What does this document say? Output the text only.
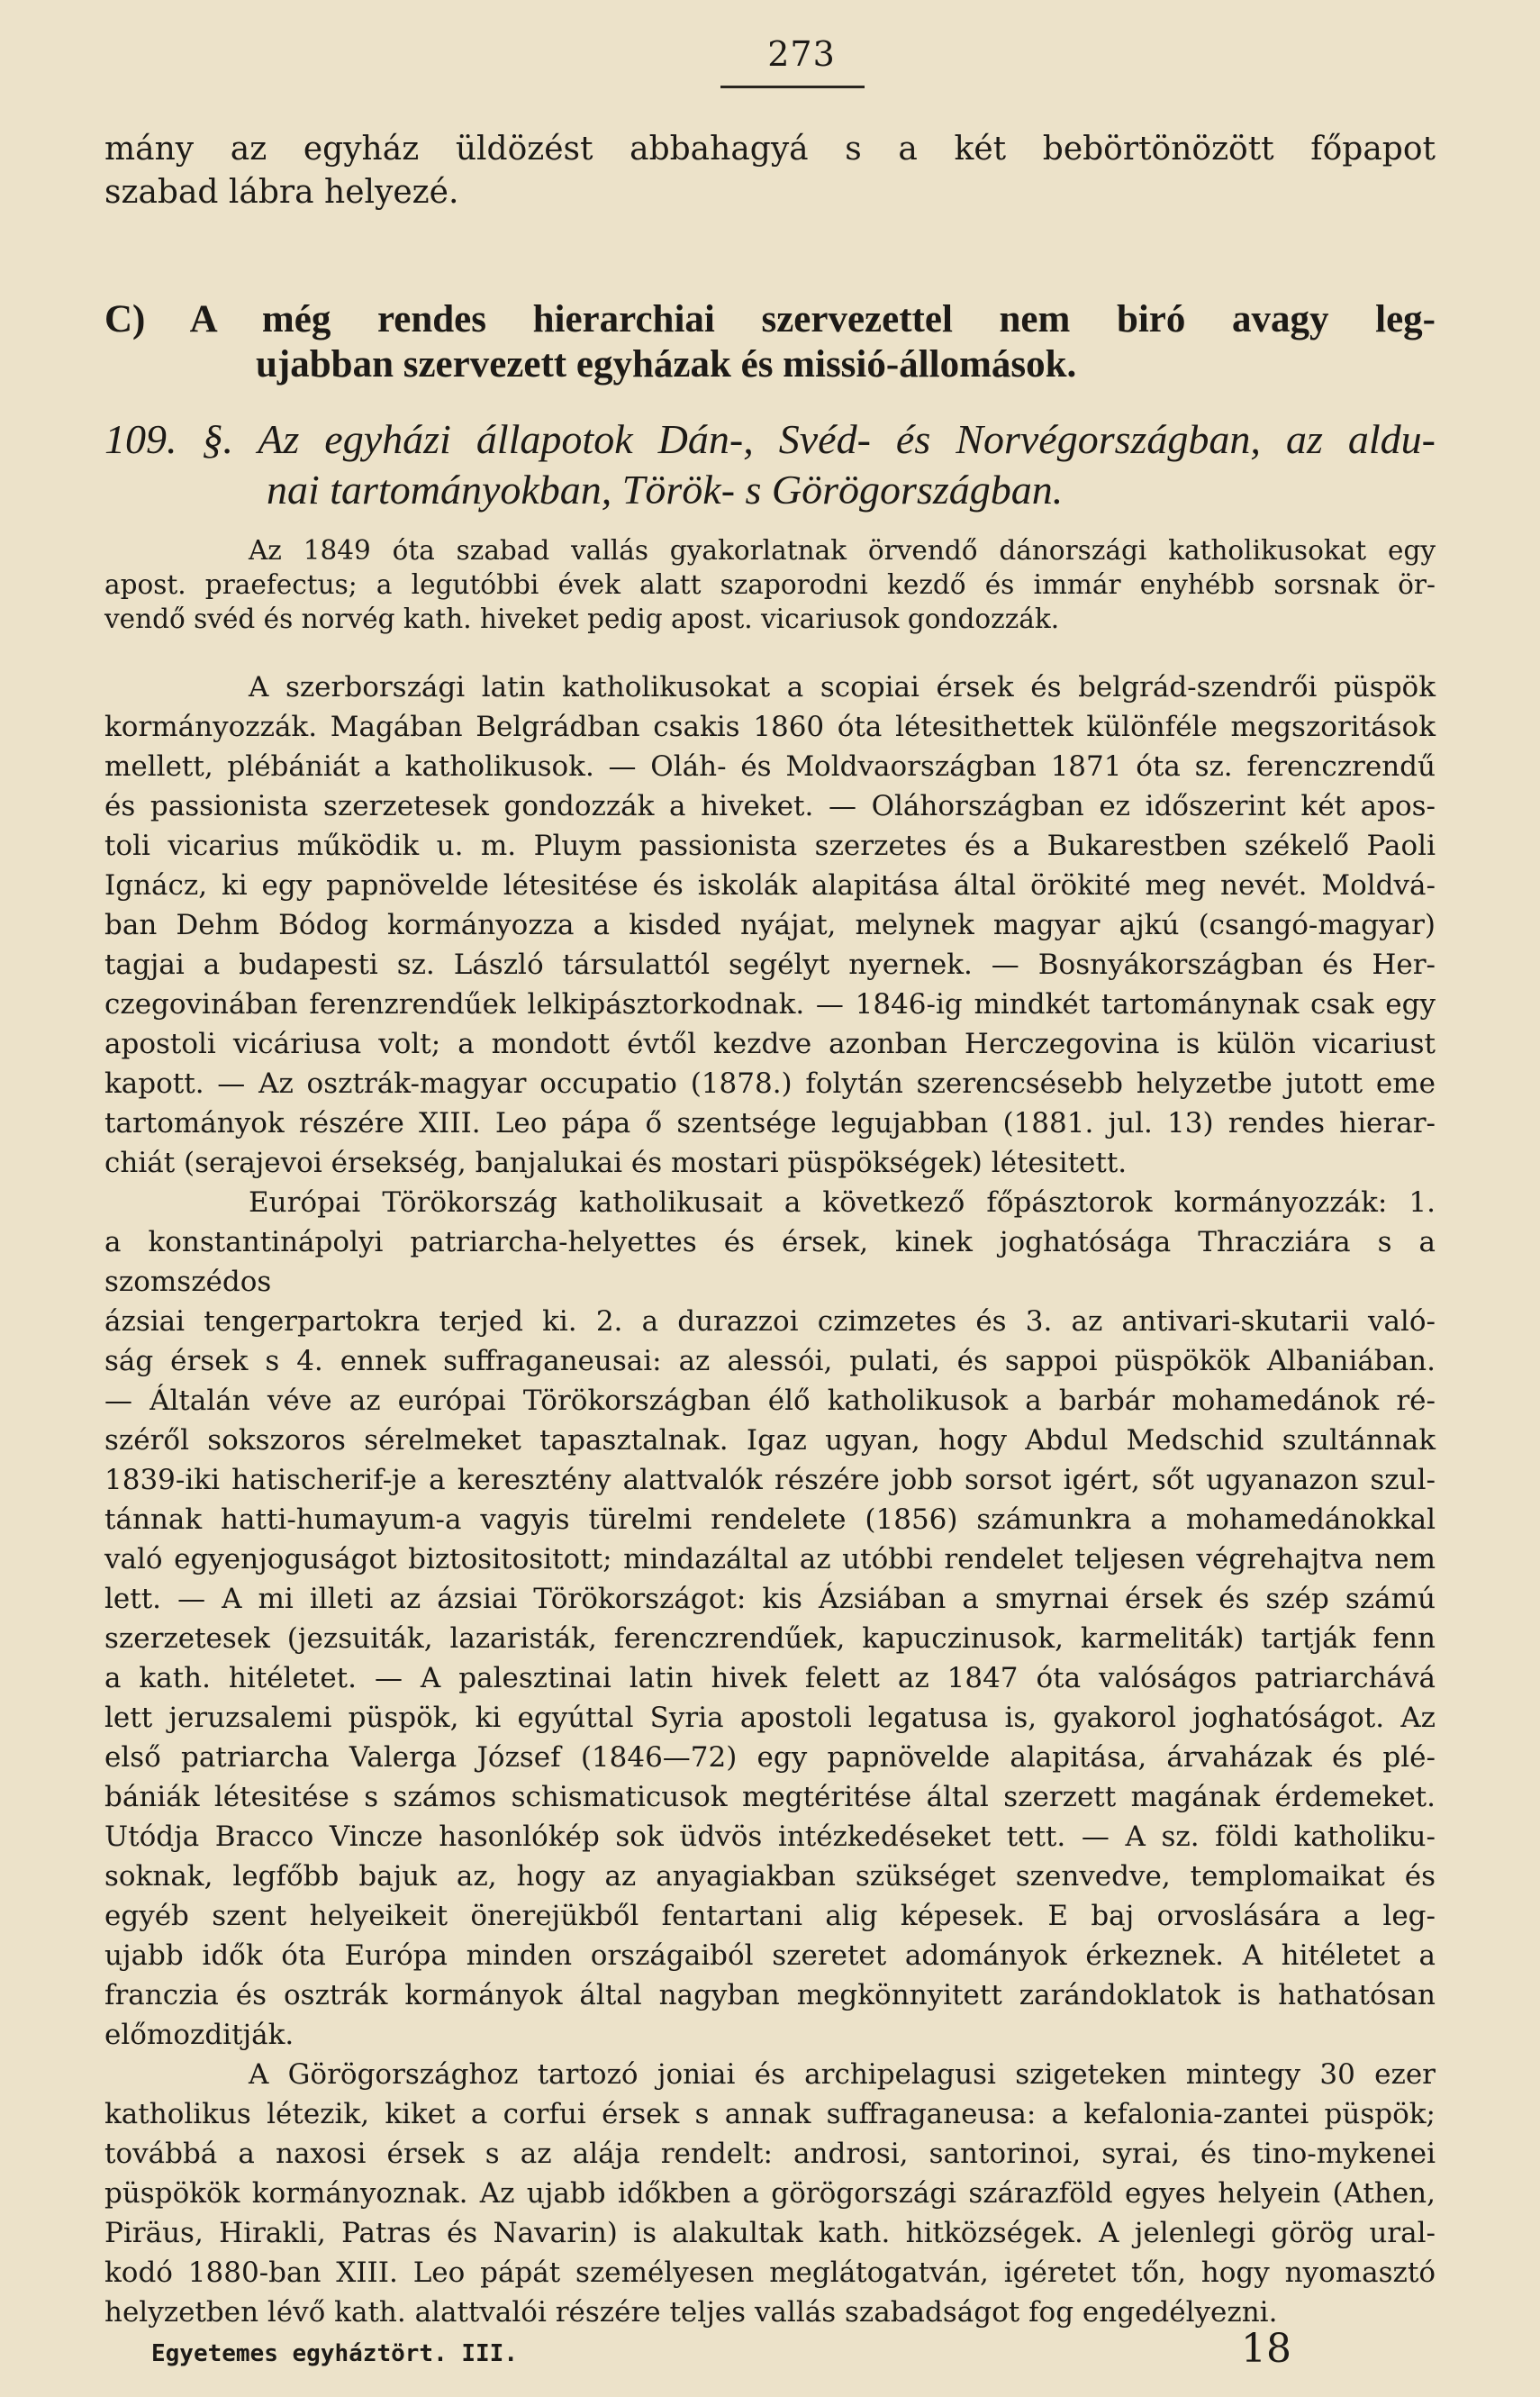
273

mány az egyház üldözést abbahagyá s a két bebörtönözött főpapot

szabad lábra helyezé.

C) A még rendes hierarchiai szervezettel nem biró avagy leg-

ujabban szervezett egyházak és missió-állomások.

109. §. Az egyházi állapotok Dán-, Svéd- és Norvégországban, az aldu-

nai tartományokban, Török- s Görögországban.

Az 1849 óta szabad vallás gyakorlatnak örvendő dánországi katholikusokat egy

apost. praefectus; a legutóbbi évek alatt szaporodni kezdő és immár enyhébb sorsnak ör-

vendő svéd és norvég kath. hiveket pedig apost. vicariusok gondozzák.

A szerbországi latin katholikusokat a scopiai érsek és belgrád-szendrői püspök

kormányozzák. Magában Belgrádban csakis 1860 óta létesithettek különféle megszoritások

mellett, plébániát a katholikusok. — Oláh- és Moldvaországban 1871 óta sz. ferenczrendű

és passionista szerzetesek gondozzák a hiveket. — Oláhországban ez időszerint két apos-

toli vicarius működik u. m. Pluym passionista szerzetes és a Bukarestben székelő Paoli

Ignácz, ki egy papnövelde létesitése és iskolák alapitása által örökité meg nevét. Moldvá-

ban Dehm Bódog kormányozza a kisded nyájat, melynek magyar ajkú (csangó-magyar)

tagjai a budapesti sz. László társulattól segélyt nyernek. — Bosnyákországban és Her-

czegovinában ferenzrendűek lelkipásztorkodnak. — 1846-ig mindkét tartománynak csak egy

apostoli vicáriusa volt; a mondott évtől kezdve azonban Herczegovina is külön vicariust

kapott. — Az osztrák-magyar occupatio (1878.) folytán szerencsésebb helyzetbe jutott eme

tartományok részére XIII. Leo pápa ő szentsége legujabban (1881. jul. 13) rendes hierar-

chiát (serajevoi érsekség, banjalukai és mostari püspökségek) létesitett.

Európai Törökország katholikusait a következő főpásztorok kormányozzák: 1.

a konstantinápolyi patriarcha-helyettes és érsek, kinek joghatósága Thracziára s a szomszédos

ázsiai tengerpartokra terjed ki. 2. a durazzoi czimzetes és 3. az antivari-skutarii való-

ság érsek s 4. ennek suffraganeusai: az alessói, pulati, és sappoi püspökök Albaniában.

— Általán véve az európai Törökországban élő katholikusok a barbár mohamedánok ré-

széről sokszoros sérelmeket tapasztalnak. Igaz ugyan, hogy Abdul Medschid szultánnak

1839-iki hatischerif-je a keresztény alattvalók részére jobb sorsot igért, sőt ugyanazon szul-

tánnak hatti-humayum-a vagyis türelmi rendelete (1856) számunkra a mohamedánokkal

való egyenjoguságot biztositositott; mindazáltal az utóbbi rendelet teljesen végrehajtva nem

lett. — A mi illeti az ázsiai Törökországot: kis Ázsiában a smyrnai érsek és szép számú

szerzetesek (jezsuiták, lazaristák, ferenczrendűek, kapuczinusok, karmeliták) tartják fenn

a kath. hitéletet. — A palesztinai latin hivek felett az 1847 óta valóságos patriarchává

lett jeruzsalemi püspök, ki egyúttal Syria apostoli legatusa is, gyakorol joghatóságot. Az

első patriarcha Valerga József (1846—72) egy papnövelde alapitása, árvaházak és plé-

bániák létesitése s számos schismaticusok megtéritése által szerzett magának érdemeket.

Utódja Bracco Vincze hasonlókép sok üdvös intézkedéseket tett. — A sz. földi katholiku-

soknak, legfőbb bajuk az, hogy az anyagiakban szükséget szenvedve, templomaikat és

egyéb szent helyeikeit önerejükből fentartani alig képesek. E baj orvoslására a leg-

ujabb idők óta Európa minden országaiból szeretet adományok érkeznek. A hitéletet a

franczia és osztrák kormányok által nagyban megkönnyitett zarándoklatok is hathatósan

előmozditják.

A Görögországhoz tartozó joniai és archipelagusi szigeteken mintegy 30 ezer

katholikus létezik, kiket a corfui érsek s annak suffraganeusa: a kefalonia-zantei püspök;

továbbá a naxosi érsek s az alája rendelt: androsi, santorinoi, syrai, és tino-mykenei

püspökök kormányoznak. Az ujabb időkben a görögországi szárazföld egyes helyein (Athen,

Piräus, Hirakli, Patras és Navarin) is alakultak kath. hitközségek. A jelenlegi görög ural-

kodó 1880-ban XIII. Leo pápát személyesen meglátogatván, igéretet tőn, hogy nyomasztó

helyzetben lévő kath. alattvalói részére teljes vallás szabadságot fog engedélyezni.

Egyetemes egyháztört. III.	18
